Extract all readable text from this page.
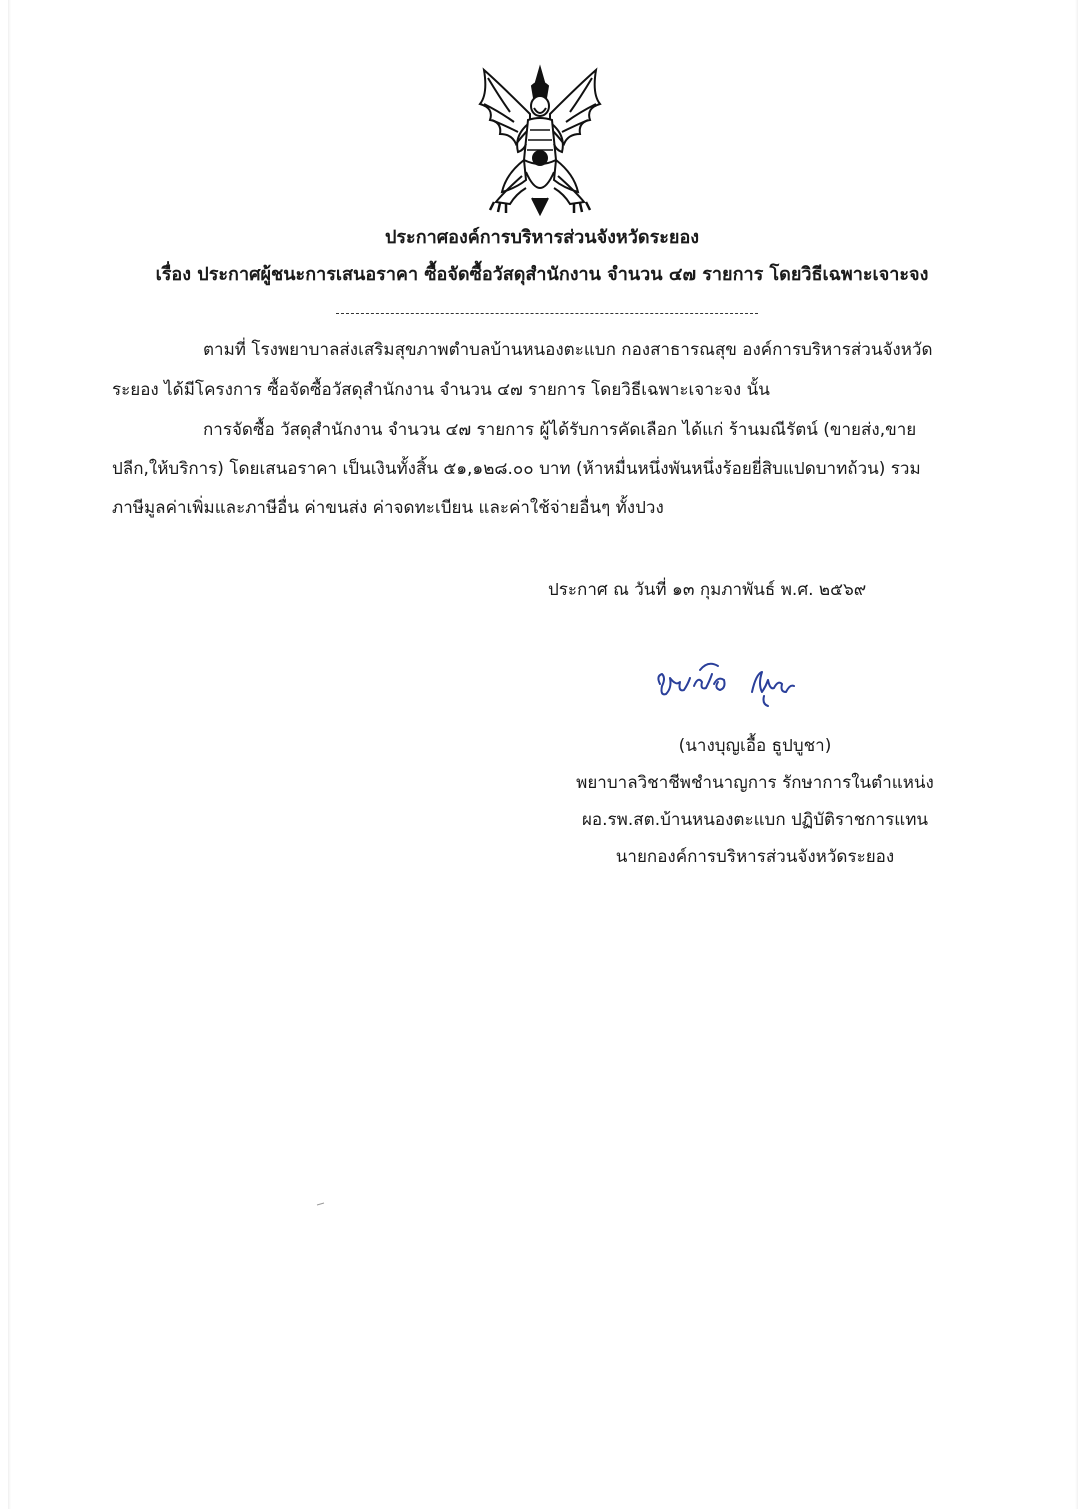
ประกาศองค์การบริหารส่วนจังหวัดระยอง
เรื่อง ประกาศผู้ชนะการเสนอราคา ซื้อจัดซื้อวัสดุสำนักงาน จำนวน ๔๗ รายการ โดยวิธีเฉพาะเจาะจง
ตามที่ โรงพยาบาลส่งเสริมสุขภาพตำบลบ้านหนองตะแบก กองสาธารณสุข องค์การบริหารส่วนจังหวัด
ระยอง ได้มีโครงการ ซื้อจัดซื้อวัสดุสำนักงาน จำนวน ๔๗ รายการ โดยวิธีเฉพาะเจาะจง นั้น
การจัดซื้อ วัสดุสำนักงาน จำนวน ๔๗ รายการ ผู้ได้รับการคัดเลือก ได้แก่ ร้านมณีรัตน์ (ขายส่ง,ขาย
ปลีก,ให้บริการ) โดยเสนอราคา เป็นเงินทั้งสิ้น ๕๑,๑๒๘.๐๐ บาท (ห้าหมื่นหนึ่งพันหนึ่งร้อยยี่สิบแปดบาทถ้วน) รวม
ภาษีมูลค่าเพิ่มและภาษีอื่น ค่าขนส่ง ค่าจดทะเบียน และค่าใช้จ่ายอื่นๆ ทั้งปวง
ประกาศ ณ วันที่ ๑๓ กุมภาพันธ์ พ.ศ. ๒๕๖๙
(นางบุญเอื้อ ธูปบูชา)
พยาบาลวิชาชีพชำนาญการ รักษาการในตำแหน่ง
ผอ.รพ.สต.บ้านหนองตะแบก ปฏิบัติราชการแทน
นายกองค์การบริหารส่วนจังหวัดระยอง
